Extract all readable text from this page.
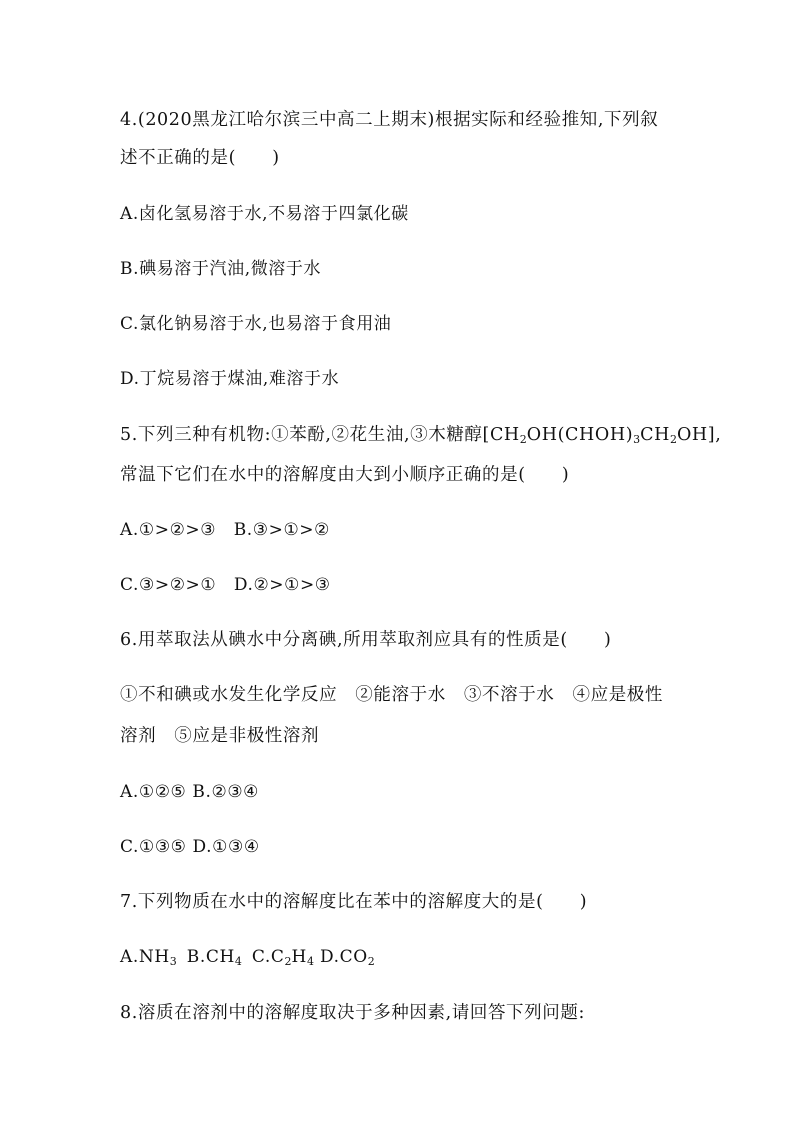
4.(2020黑龙江哈尔滨三中高二上期末)根据实际和经验推知,下列叙
述不正确的是(　　)
A.卤化氢易溶于水,不易溶于四氯化碳
B.碘易溶于汽油,微溶于水
C.氯化钠易溶于水,也易溶于食用油
D.丁烷易溶于煤油,难溶于水
5.下列三种有机物:①苯酚,②花生油,③木糖醇$[CH_2OH(CHOH)_3CH_2OH]$,
常温下它们在水中的溶解度由大到小顺序正确的是(　　)
A.①>②>③　B.③>①>②
C.③>②>①　D.②>①>③
6.用萃取法从碘水中分离碘,所用萃取剂应具有的性质是(　　)
①不和碘或水发生化学反应　②能溶于水　③不溶于水　④应是极性
溶剂　⑤应是非极性溶剂
A.①②⑤ B.②③④
C.①③⑤ D.①③④
7.下列物质在水中的溶解度比在苯中的溶解度大的是(　　)
$A.NH_3$ $B.CH_4$ $C.C_2H_4$ $D.CO_2$
8.溶质在溶剂中的溶解度取决于多种因素,请回答下列问题:
